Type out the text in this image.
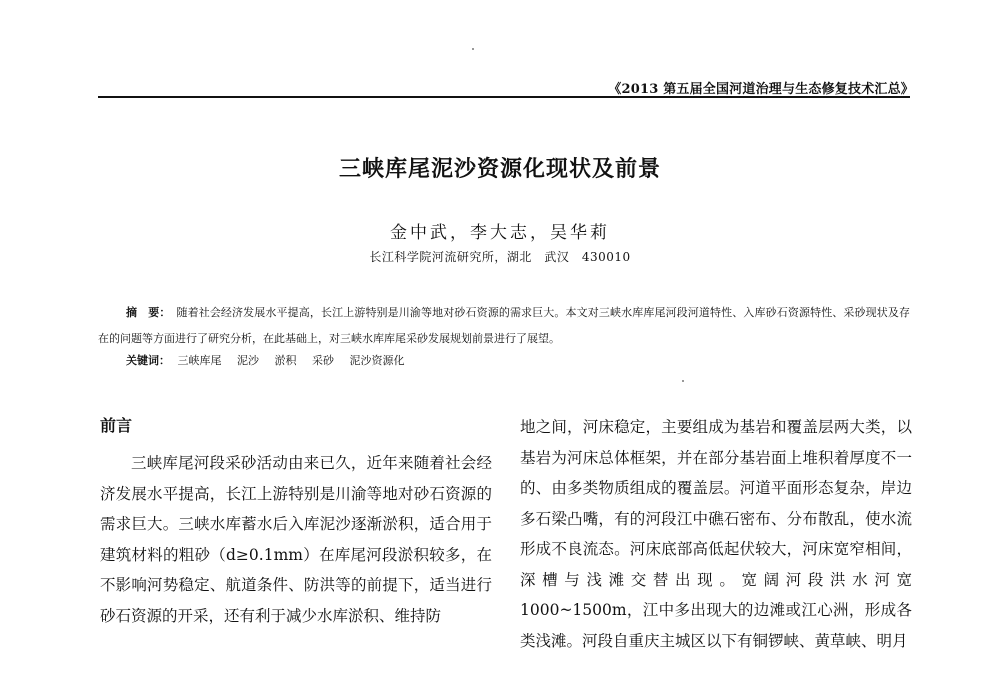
《2013 第五届全国河道治理与生态修复技术汇总》
三峡库尾泥沙资源化现状及前景
金中武，李大志，吴华莉
长江科学院河流研究所，湖北　武汉　430010
摘　要： 随着社会经济发展水平提高，长江上游特别是川渝等地对砂石资源的需求巨大。本文对三峡水库库尾河段河道特性、入库砂石资源特性、采砂现状及存在的问题等方面进行了研究分析，在此基础上，对三峡水库库尾采砂发展规划前景进行了展望。
关键词： 三峡库尾 泥沙 淤积 采砂 泥沙资源化
前言
三峡库尾河段采砂活动由来已久，近年来随着社会经济发展水平提高，长江上游特别是川渝等地对砂石资源的需求巨大。三峡水库蓄水后入库泥沙逐渐淤积，适合用于建筑材料的粗砂（d≥0.1mm）在库尾河段淤积较多，在不影响河势稳定、航道条件、防洪等的前提下，适当进行砂石资源的开采，还有利于减少水库淤积、维持防
地之间，河床稳定，主要组成为基岩和覆盖层两大类，以基岩为河床总体框架，并在部分基岩面上堆积着厚度不一的、由多类物质组成的覆盖层。河道平面形态复杂，岸边多石梁凸嘴，有的河段江中礁石密布、分布散乱，使水流形成不良流态。河床底部高低起伏较大，河床宽窄相间，深槽与浅滩交替出现。宽阔河段洪水河宽 1000~1500m，江中多出现大的边滩或江心洲，形成各类浅滩。河段自重庆主城区以下有铜锣峡、黄草峡、明月
